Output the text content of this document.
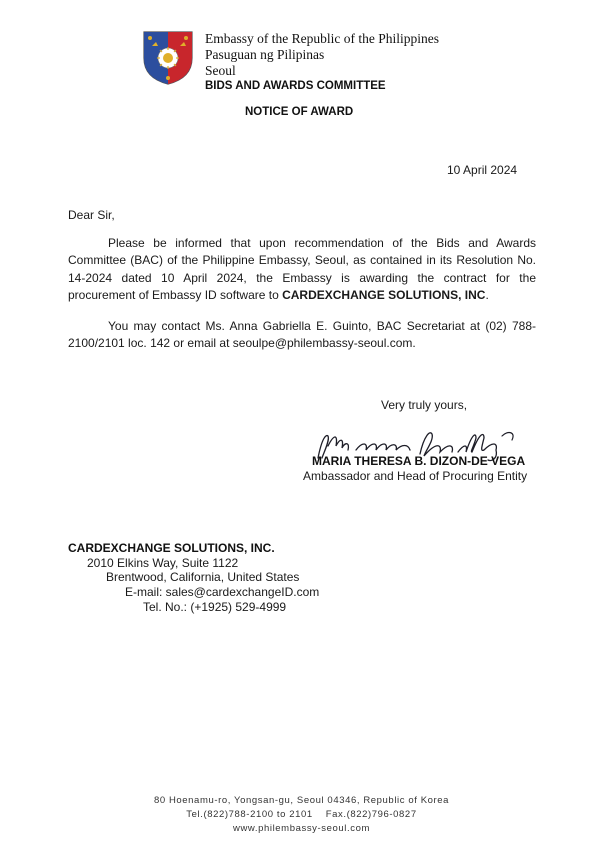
Embassy of the Republic of the Philippines
Pasuguan ng Pilipinas
Seoul
BIDS AND AWARDS COMMITTEE
NOTICE OF AWARD
10 April 2024
Dear Sir,
Please be informed that upon recommendation of the Bids and Awards
Committee (BAC) of the Philippine Embassy, Seoul, as contained in its Resolution No.
14-2024 dated 10 April 2024, the Embassy is awarding the contract for the
procurement of Embassy ID software to CARDEXCHANGE SOLUTIONS, INC.
You may contact Ms. Anna Gabriella E. Guinto, BAC Secretariat at (02) 788-
2100/2101 loc. 142 or email at seoulpe@philembassy-seoul.com.
Very truly yours,
MARIA THERESA B. DIZON-DE VEGA
Ambassador and Head of Procuring Entity
CARDEXCHANGE SOLUTIONS, INC.
2010 Elkins Way, Suite 1122
Brentwood, California, United States
E-mail: sales@cardexchangeID.com
Tel. No.: (+1925) 529-4999
80 Hoenamu-ro, Yongsan-gu, Seoul 04346, Republic of Korea
Tel.(822)788-2100 to 2101    Fax.(822)796-0827
www.philembassy-seoul.com
